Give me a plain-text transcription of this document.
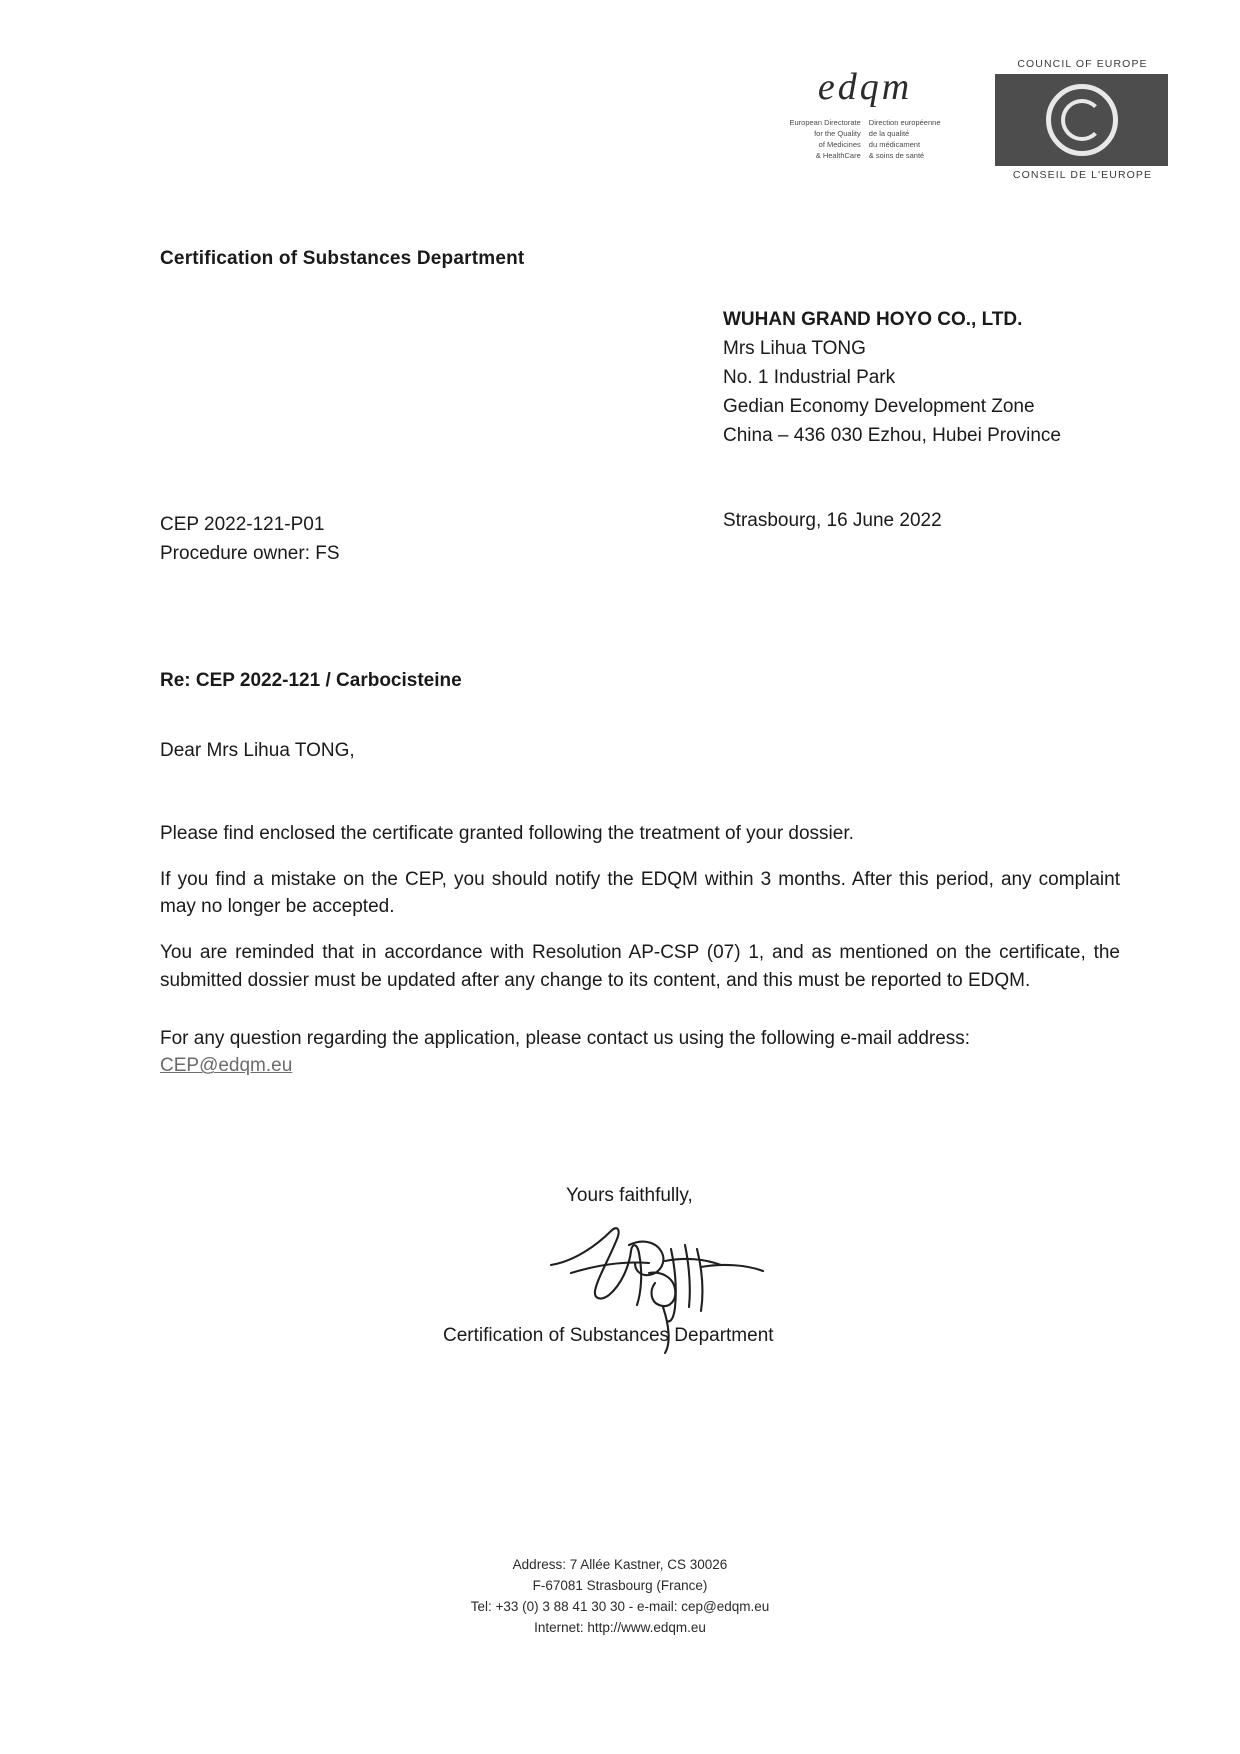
edqm
European Directorate
for the Quality
of Medicines
& HealthCare
Direction européenne
de la qualité
du médicament
& soins de santé
COUNCIL OF EUROPE
CONSEIL DE L'EUROPE
Certification of Substances Department
WUHAN GRAND HOYO CO., LTD.
Mrs Lihua TONG
No. 1 Industrial Park
Gedian Economy Development Zone
China – 436 030 Ezhou, Hubei Province
CEP 2022-121-P01
Procedure owner: FS
Strasbourg, 16 June 2022
Re: CEP 2022-121 / Carbocisteine
Dear Mrs Lihua TONG,

Please find enclosed the certificate granted following the treatment of your dossier.

If you find a mistake on the CEP, you should notify the EDQM within 3 months. After this period, any complaint may no longer be accepted.

You are reminded that in accordance with Resolution AP-CSP (07) 1, and as mentioned on the certificate, the submitted dossier must be updated after any change to its content, and this must be reported to EDQM.

For any question regarding the application, please contact us using the following e-mail address:
CEP@edqm.eu

Yours faithfully,
Certification of Substances Department
Address: 7 Allée Kastner, CS 30026
F-67081 Strasbourg (France)
Tel: +33 (0) 3 88 41 30 30 - e-mail: cep@edqm.eu
Internet: http://www.edqm.eu
